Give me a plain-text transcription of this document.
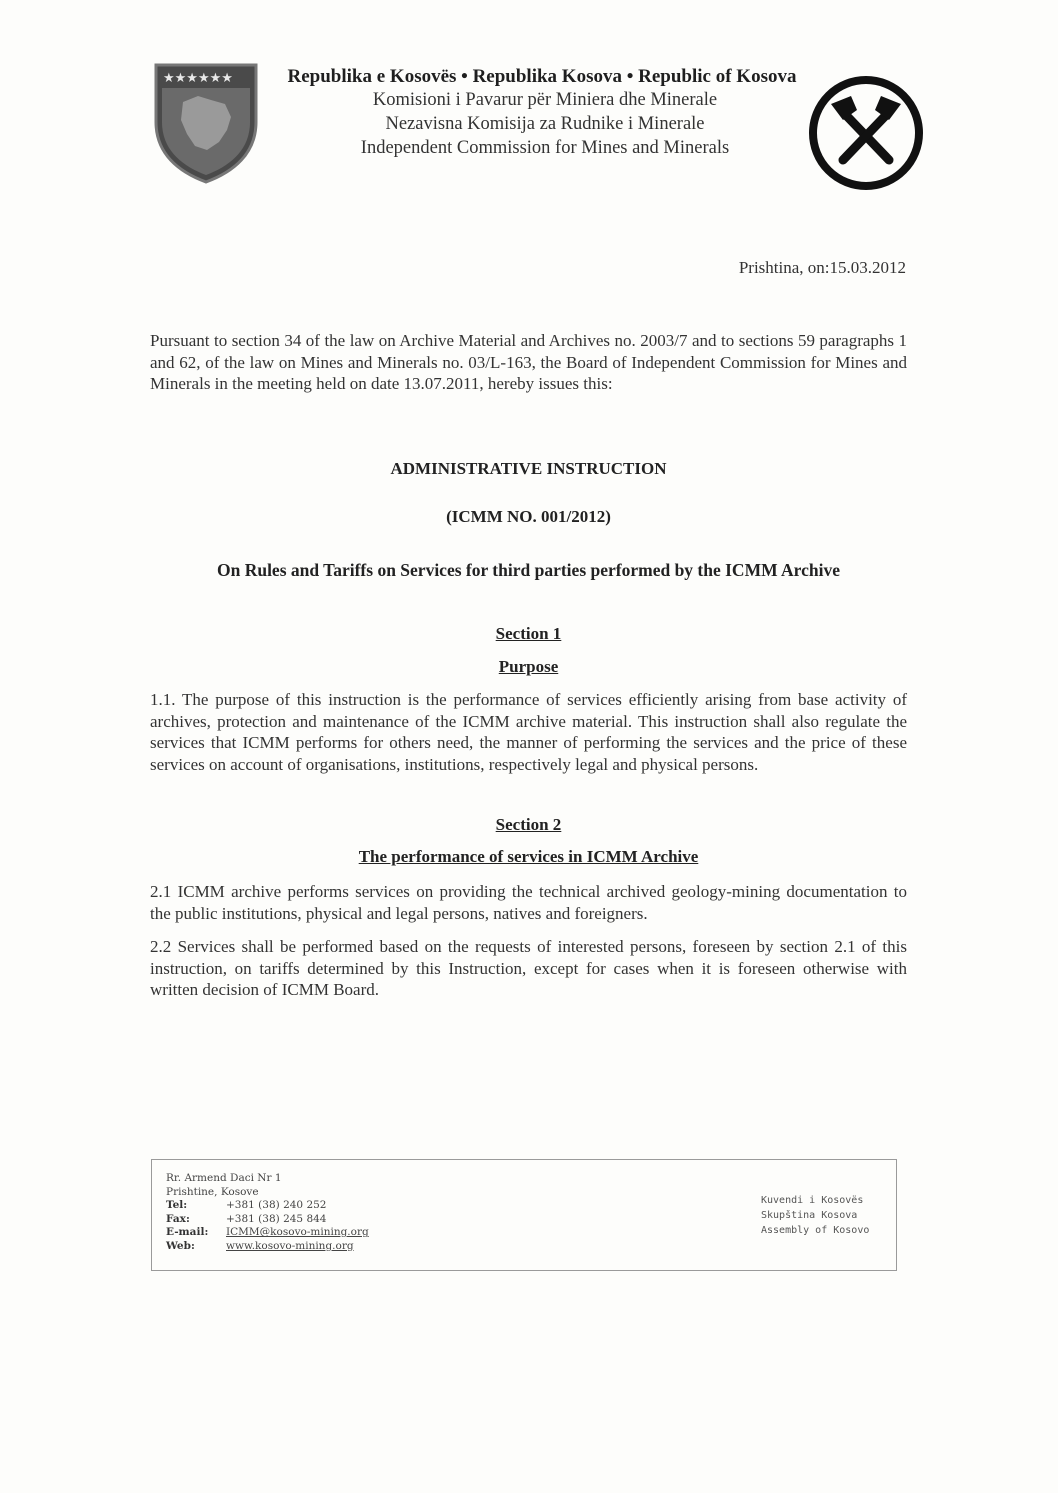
★★★★★★	Republika e Kosovës • Republika Kosova • Republic of Kosova
Komisioni i Pavarur për Miniera dhe Minerale
Nezavisna Komisija za Rudnike i Minerale
Independent Commission for Mines and Minerals
Prishtina, on:15.03.2012
Pursuant to section 34 of the law on Archive Material and Archives no. 2003/7 and to sections 59 paragraphs 1 and 62, of the law on Mines and Minerals no. 03/L-163, the Board of Independent Commission for Mines and Minerals in the meeting held on date 13.07.2011, hereby issues this:
ADMINISTRATIVE INSTRUCTION
(ICMM NO. 001/2012)
On Rules and Tariffs on Services for third parties performed by the ICMM Archive
Section 1
Purpose
1.1. The purpose of this instruction is the performance of services efficiently arising from base activity of archives, protection and maintenance of the ICMM archive material. This instruction shall also regulate the services that ICMM performs for others need, the manner of performing the services and the price of these services on account of organisations, institutions, respectively legal and physical persons.
Section 2
The performance of services in ICMM Archive
2.1 ICMM archive performs services on providing the technical archived geology-mining documentation to the public institutions, physical and legal persons, natives and foreigners.
2.2 Services shall be performed based on the requests of interested persons, foreseen by section 2.1 of this instruction, on tariffs determined by this Instruction, except for cases when it is foreseen otherwise with written decision of ICMM Board.
Rr. Armend Daci Nr 1
Prishtine, Kosove
Tel:	+381 (38) 240 252
Fax:	+381 (38) 245 844
E-mail: ICMM@kosovo-mining.org
Web:	www.kosovo-mining.org
Kuvendi i Kosovës
Skupština Kosova
Assembly of Kosovo
